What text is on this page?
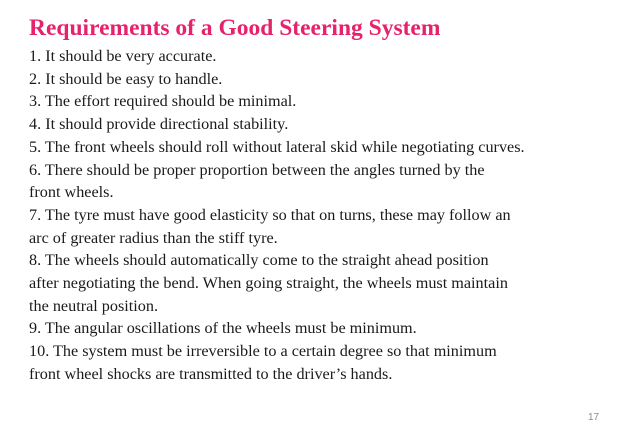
Requirements of a Good Steering System
1. It should be very accurate.
2. It should be easy to handle.
3. The effort required should be minimal.
4. It should provide directional stability.
5. The front wheels should roll without lateral skid while negotiating curves.
6. There should be proper proportion between the angles turned by the
front wheels.
7. The tyre must have good elasticity so that on turns, these may follow an
arc of greater radius than the stiff tyre.
8. The wheels should automatically come to the straight ahead position
after negotiating the bend. When going straight, the wheels must maintain
the neutral position.
9. The angular oscillations of the wheels must be minimum.
10. The system must be irreversible to a certain degree so that minimum
front wheel shocks are transmitted to the driver’s hands.
17
